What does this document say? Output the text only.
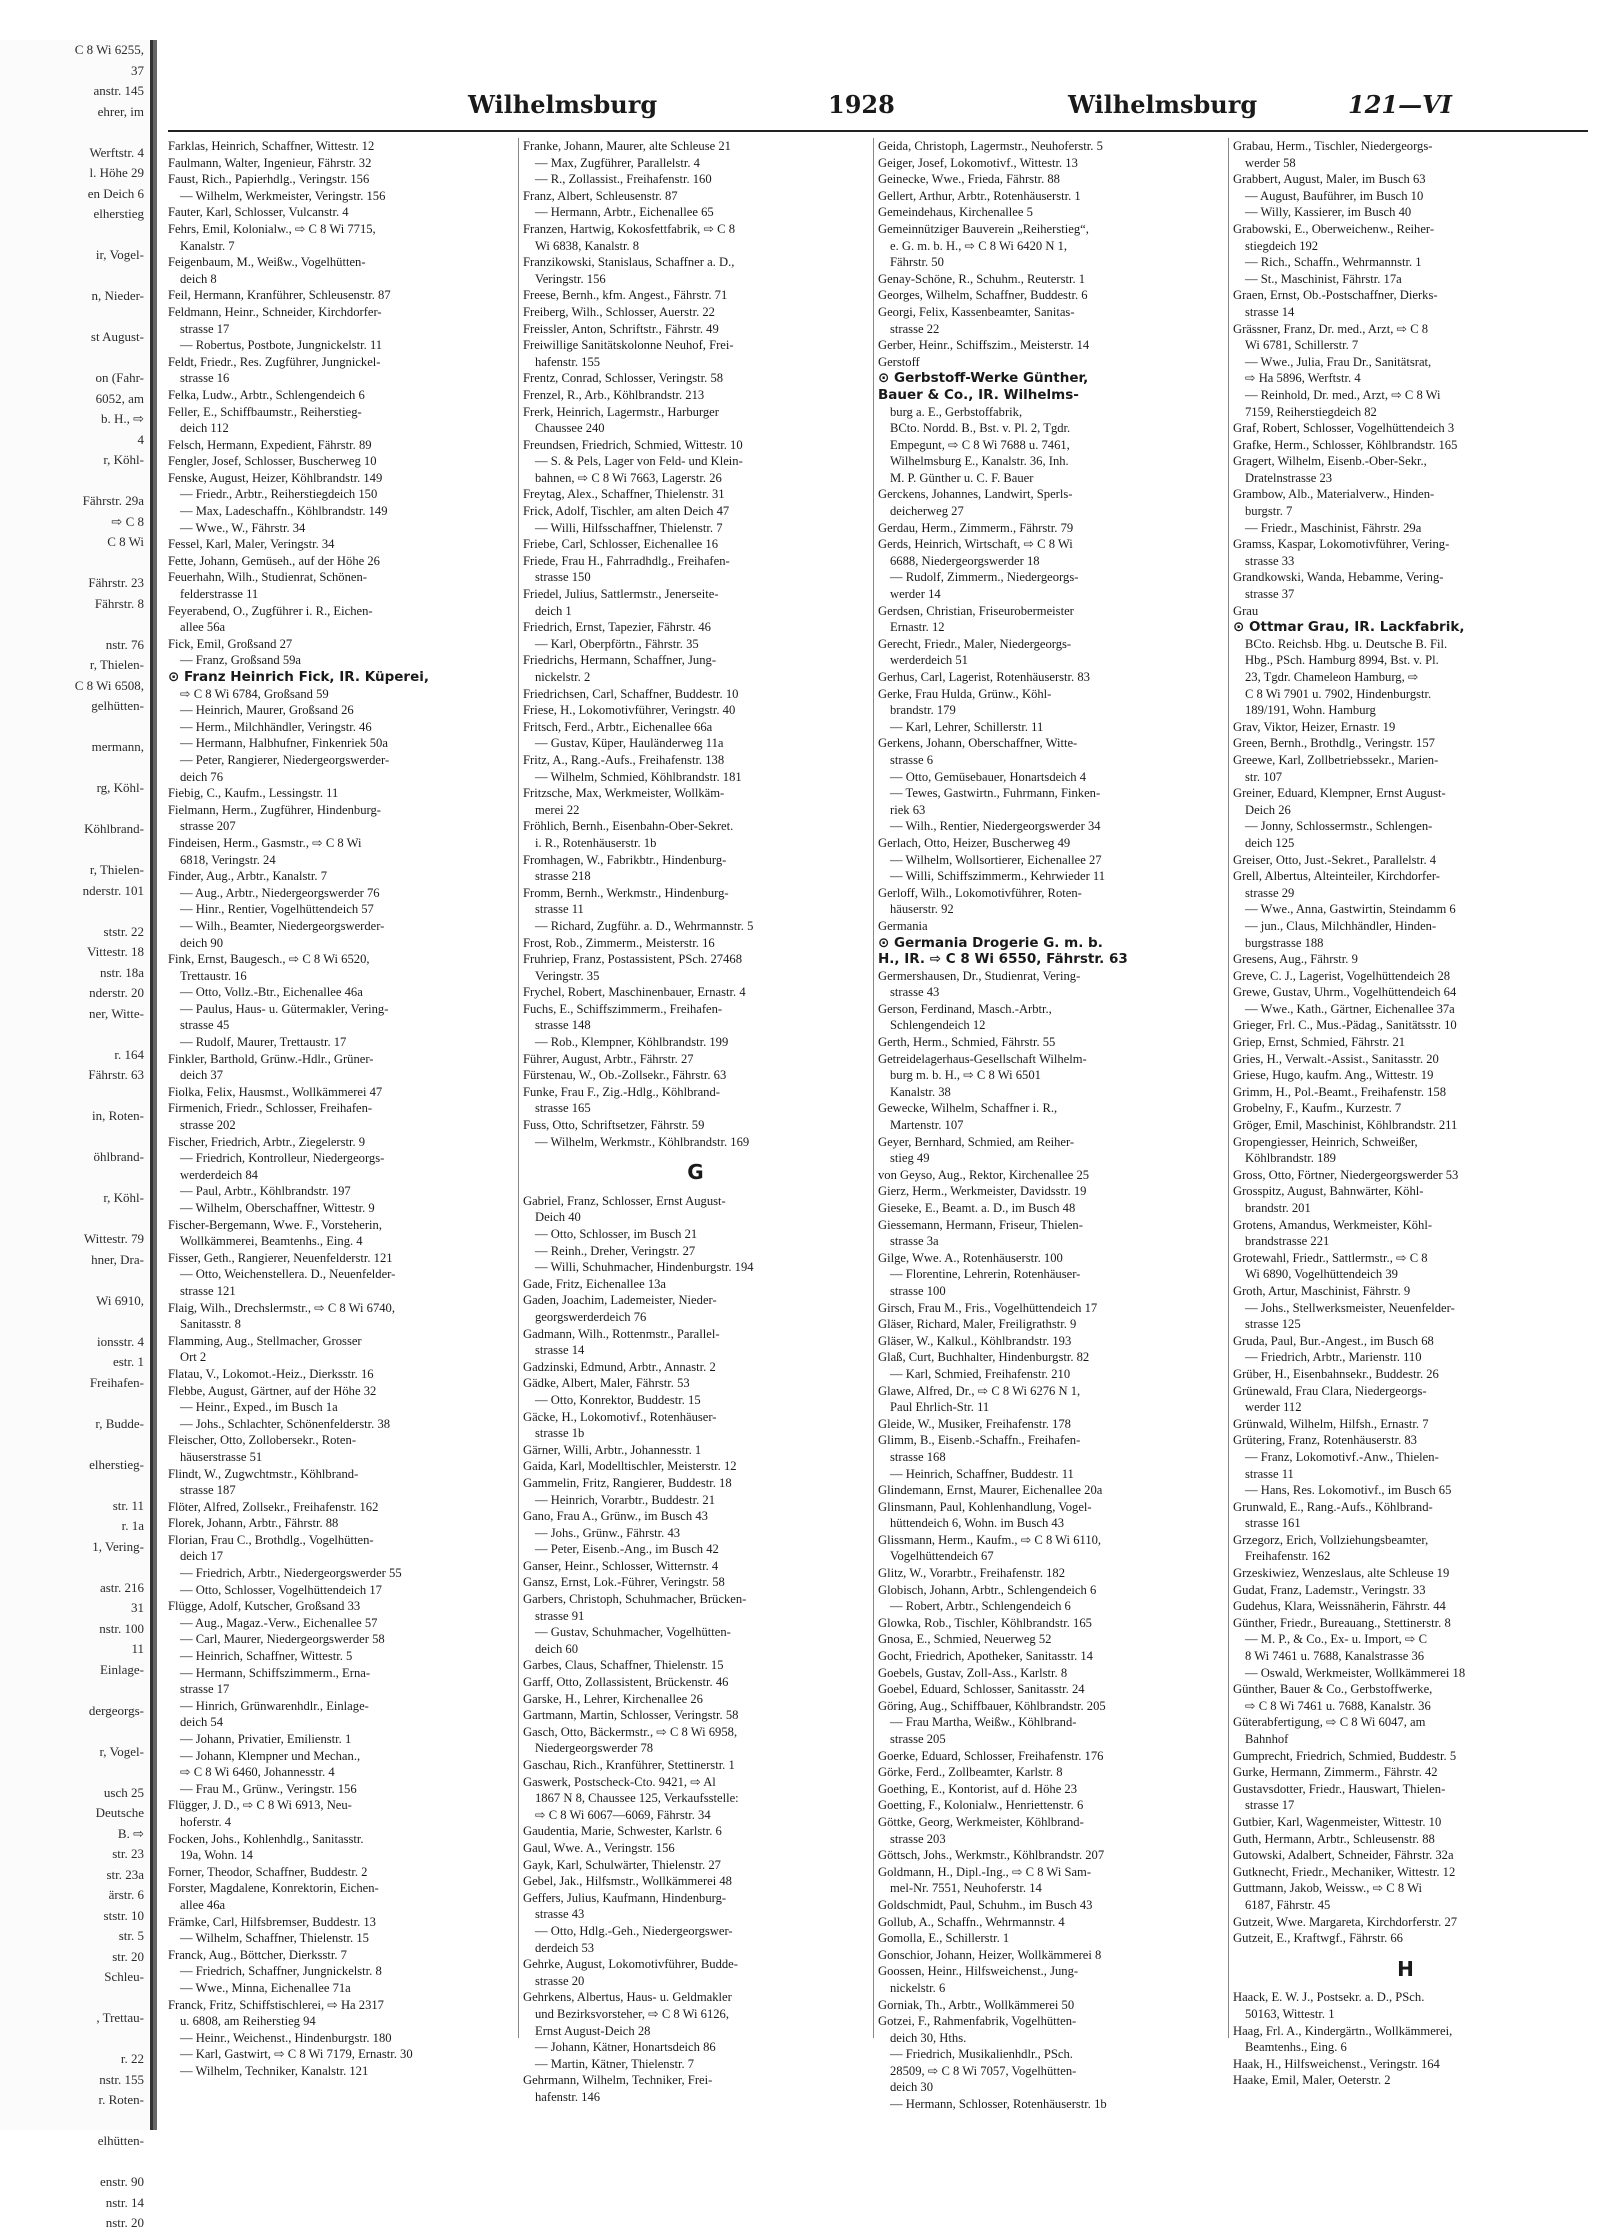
C 8 Wi 6255,
37
anstr. 145
ehrer, im

Werftstr. 4
l. Höhe 29
en Deich 6
elherstieg

ir, Vogel-

n, Nieder-

st August-

on (Fahr-
6052, am
b. H., ⇨
4
r, Köhl-

Fährstr. 29a
⇨ C 8
C 8 Wi

Fährstr. 23
Fährstr. 8

nstr. 76
r, Thielen-
C 8 Wi 6508,
gelhütten-

mermann,

rg, Köhl-

Köhlbrand-

r, Thielen-
nderstr. 101

ststr. 22
Vittestr. 18
nstr. 18a
nderstr. 20
ner, Witte-

r. 164
Fährstr. 63

in, Roten-

öhlbrand-

r, Köhl-

Wittestr. 79
hner, Dra-

Wi 6910,

ionsstr. 4
estr. 1
Freihafen-

r, Budde-

elherstieg-

str. 11
r. 1a
1, Vering-

astr. 216
31
nstr. 100
11
Einlage-

dergeorgs-

r, Vogel-

usch 25
Deutsche
B. ⇨
str. 23
str. 23a
ärstr. 6
ststr. 10
str. 5
str. 20
Schleu-

, Trettau-

r. 22
nstr. 155
r. Roten-

elhütten-

enstr. 90
nstr. 14
nstr. 20
Wilhelmsburg	1928	Wilhelmsburg	121—VI
Farklas, Heinrich, Schaffner, Wittestr. 12
Faulmann, Walter, Ingenieur, Fährstr. 32
Faust, Rich., Papierhdlg., Veringstr. 156
— Wilhelm, Werkmeister, Veringstr. 156
Fauter, Karl, Schlosser, Vulcanstr. 4
Fehrs, Emil, Kolonialw., ⇨ C 8 Wi 7715,
Kanalstr. 7
Feigenbaum, M., Weißw., Vogelhütten-
deich 8
Feil, Hermann, Kranführer, Schleusenstr. 87
Feldmann, Heinr., Schneider, Kirchdorfer-
strasse 17
— Robertus, Postbote, Jungnickelstr. 11
Feldt, Friedr., Res. Zugführer, Jungnickel-
strasse 16
Felka, Ludw., Arbtr., Schlengendeich 6
Feller, E., Schiffbaumstr., Reiherstieg-
deich 112
Felsch, Hermann, Expedient, Fährstr. 89
Fengler, Josef, Schlosser, Buscherweg 10
Fenske, August, Heizer, Köhlbrandstr. 149
— Friedr., Arbtr., Reiherstiegdeich 150
— Max, Ladeschaffn., Köhlbrandstr. 149
— Wwe., W., Fährstr. 34
Fessel, Karl, Maler, Veringstr. 34
Fette, Johann, Gemüseh., auf der Höhe 26
Feuerhahn, Wilh., Studienrat, Schönen-
felderstrasse 11
Feyerabend, O., Zugführer i. R., Eichen-
allee 56a
Fick, Emil, Großsand 27
— Franz, Großsand 59a
⊙ Franz Heinrich Fick, IR. Küperei,
⇨ C 8 Wi 6784, Großsand 59
— Heinrich, Maurer, Großsand 26
— Herm., Milchhändler, Veringstr. 46
— Hermann, Halbhufner, Finkenriek 50a
— Peter, Rangierer, Niedergeorgswerder-
deich 76
Fiebig, C., Kaufm., Lessingstr. 11
Fielmann, Herm., Zugführer, Hindenburg-
strasse 207
Findeisen, Herm., Gasmstr., ⇨ C 8 Wi
6818, Veringstr. 24
Finder, Aug., Arbtr., Kanalstr. 7
— Aug., Arbtr., Niedergeorgswerder 76
— Hinr., Rentier, Vogelhüttendeich 57
— Wilh., Beamter, Niedergeorgswerder-
deich 90
Fink, Ernst, Baugesch., ⇨ C 8 Wi 6520,
Trettaustr. 16
— Otto, Vollz.-Btr., Eichenallee 46a
— Paulus, Haus- u. Gütermakler, Vering-
strasse 45
— Rudolf, Maurer, Trettaustr. 17
Finkler, Barthold, Grünw.-Hdlr., Grüner-
deich 37
Fiolka, Felix, Hausmst., Wollkämmerei 47
Firmenich, Friedr., Schlosser, Freihafen-
strasse 202
Fischer, Friedrich, Arbtr., Ziegelerstr. 9
— Friedrich, Kontrolleur, Niedergeorgs-
werderdeich 84
— Paul, Arbtr., Köhlbrandstr. 197
— Wilhelm, Oberschaffner, Wittestr. 9
Fischer-Bergemann, Wwe. F., Vorsteherin,
Wollkämmerei, Beamtenhs., Eing. 4
Fisser, Geth., Rangierer, Neuenfelderstr. 121
— Otto, Weichenstellera. D., Neuenfelder-
strasse 121
Flaig, Wilh., Drechslermstr., ⇨ C 8 Wi 6740,
Sanitasstr. 8
Flamming, Aug., Stellmacher, Grosser
Ort 2
Flatau, V., Lokomot.-Heiz., Dierksstr. 16
Flebbe, August, Gärtner, auf der Höhe 32
— Heinr., Exped., im Busch 1a
— Johs., Schlachter, Schönenfelderstr. 38
Fleischer, Otto, Zollobersekr., Roten-
häuserstrasse 51
Flindt, W., Zugwchtmstr., Köhlbrand-
strasse 187
Flöter, Alfred, Zollsekr., Freihafenstr. 162
Florek, Johann, Arbtr., Fährstr. 88
Florian, Frau C., Brothdlg., Vogelhütten-
deich 17
— Friedrich, Arbtr., Niedergeorgswerder 55
— Otto, Schlosser, Vogelhüttendeich 17
Flügge, Adolf, Kutscher, Großsand 33
— Aug., Magaz.-Verw., Eichenallee 57
— Carl, Maurer, Niedergeorgswerder 58
— Heinrich, Schaffner, Wittestr. 5
— Hermann, Schiffszimmerm., Erna-
strasse 17
— Hinrich, Grünwarenhdlr., Einlage-
deich 54
— Johann, Privatier, Emilienstr. 1
— Johann, Klempner und Mechan.,
⇨ C 8 Wi 6460, Johannesstr. 4
— Frau M., Grünw., Veringstr. 156
Flügger, J. D., ⇨ C 8 Wi 6913, Neu-
hoferstr. 4
Focken, Johs., Kohlenhdlg., Sanitasstr.
19a, Wohn. 14
Forner, Theodor, Schaffner, Buddestr. 2
Forster, Magdalene, Konrektorin, Eichen-
allee 46a
Främke, Carl, Hilfsbremser, Buddestr. 13
— Wilhelm, Schaffner, Thielenstr. 15
Franck, Aug., Böttcher, Dierksstr. 7
— Friedrich, Schaffner, Jungnickelstr. 8
— Wwe., Minna, Eichenallee 71a
Franck, Fritz, Schiffstischlerei, ⇨ Ha 2317
u. 6808, am Reiherstieg 94
— Heinr., Weichenst., Hindenburgstr. 180
— Karl, Gastwirt, ⇨ C 8 Wi 7179, Ernastr. 30
— Wilhelm, Techniker, Kanalstr. 121
Franke, Johann, Maurer, alte Schleuse 21
— Max, Zugführer, Parallelstr. 4
— R., Zollassist., Freihafenstr. 160
Franz, Albert, Schleusenstr. 87
— Hermann, Arbtr., Eichenallee 65
Franzen, Hartwig, Kokosfettfabrik, ⇨ C 8
Wi 6838, Kanalstr. 8
Franzikowski, Stanislaus, Schaffner a. D.,
Veringstr. 156
Freese, Bernh., kfm. Angest., Fährstr. 71
Freiberg, Wilh., Schlosser, Auerstr. 22
Freissler, Anton, Schriftstr., Fährstr. 49
Freiwillige Sanitätskolonne Neuhof, Frei-
hafenstr. 155
Frentz, Conrad, Schlosser, Veringstr. 58
Frenzel, R., Arb., Köhlbrandstr. 213
Frerk, Heinrich, Lagermstr., Harburger
Chaussee 240
Freundsen, Friedrich, Schmied, Wittestr. 10
— S. & Pels, Lager von Feld- und Klein-
bahnen, ⇨ C 8 Wi 7663, Lagerstr. 26
Freytag, Alex., Schaffner, Thielenstr. 31
Frick, Adolf, Tischler, am alten Deich 47
— Willi, Hilfsschaffner, Thielenstr. 7
Friebe, Carl, Schlosser, Eichenallee 16
Friede, Frau H., Fahrradhdlg., Freihafen-
strasse 150
Friedel, Julius, Sattlermstr., Jenerseite-
deich 1
Friedrich, Ernst, Tapezier, Fährstr. 46
— Karl, Oberpförtn., Fährstr. 35
Friedrichs, Hermann, Schaffner, Jung-
nickelstr. 2
Friedrichsen, Carl, Schaffner, Buddestr. 10
Friese, H., Lokomotivführer, Veringstr. 40
Fritsch, Ferd., Arbtr., Eichenallee 66a
— Gustav, Küper, Hauländerweg 11a
Fritz, A., Rang.-Aufs., Freihafenstr. 138
— Wilhelm, Schmied, Köhlbrandstr. 181
Fritzsche, Max, Werkmeister, Wollkäm-
merei 22
Fröhlich, Bernh., Eisenbahn-Ober-Sekret.
i. R., Rotenhäuserstr. 1b
Fromhagen, W., Fabrikbtr., Hindenburg-
strasse 218
Fromm, Bernh., Werkmstr., Hindenburg-
strasse 11
— Richard, Zugführ. a. D., Wehrmannstr. 5
Frost, Rob., Zimmerm., Meisterstr. 16
Fruhriep, Franz, Postassistent, PSch. 27468
Veringstr. 35
Frychel, Robert, Maschinenbauer, Ernastr. 4
Fuchs, E., Schiffszimmerm., Freihafen-
strasse 148
— Rob., Klempner, Köhlbrandstr. 199
Führer, August, Arbtr., Fährstr. 27
Fürstenau, W., Ob.-Zollsekr., Fährstr. 63
Funke, Frau F., Zig.-Hdlg., Köhlbrand-
strasse 165
Fuss, Otto, Schriftsetzer, Fährstr. 59
— Wilhelm, Werkmstr., Köhlbrandstr. 169
G
Gabriel, Franz, Schlosser, Ernst August-
Deich 40
— Otto, Schlosser, im Busch 21
— Reinh., Dreher, Veringstr. 27
— Willi, Schuhmacher, Hindenburgstr. 194
Gade, Fritz, Eichenallee 13a
Gaden, Joachim, Lademeister, Nieder-
georgswerderdeich 76
Gadmann, Wilh., Rottenmstr., Parallel-
strasse 14
Gadzinski, Edmund, Arbtr., Annastr. 2
Gädke, Albert, Maler, Fährstr. 53
— Otto, Konrektor, Buddestr. 15
Gäcke, H., Lokomotivf., Rotenhäuser-
strasse 1b
Gärner, Willi, Arbtr., Johannesstr. 1
Gaida, Karl, Modelltischler, Meisterstr. 12
Gammelin, Fritz, Rangierer, Buddestr. 18
— Heinrich, Vorarbtr., Buddestr. 21
Gano, Frau A., Grünw., im Busch 43
— Johs., Grünw., Fährstr. 43
— Peter, Eisenb.-Ang., im Busch 42
Ganser, Heinr., Schlosser, Witternstr. 4
Gansz, Ernst, Lok.-Führer, Veringstr. 58
Garbers, Christoph, Schuhmacher, Brücken-
strasse 91
— Gustav, Schuhmacher, Vogelhütten-
deich 60
Garbes, Claus, Schaffner, Thielenstr. 15
Garff, Otto, Zollassistent, Brückenstr. 46
Garske, H., Lehrer, Kirchenallee 26
Gartmann, Martin, Schlosser, Veringstr. 58
Gasch, Otto, Bäckermstr., ⇨ C 8 Wi 6958,
Niedergeorgswerder 78
Gaschau, Rich., Kranführer, Stettinerstr. 1
Gaswerk, Postscheck-Cto. 9421, ⇨ Al
1867 N 8, Chaussee 125, Verkaufsstelle:
⇨ C 8 Wi 6067—6069, Fährstr. 34
Gaudentia, Marie, Schwester, Karlstr. 6
Gaul, Wwe. A., Veringstr. 156
Gayk, Karl, Schulwärter, Thielenstr. 27
Gebel, Jak., Hilfsmstr., Wollkämmerei 48
Geffers, Julius, Kaufmann, Hindenburg-
strasse 43
— Otto, Hdlg.-Geh., Niedergeorgswer-
derdeich 53
Gehrke, August, Lokomotivführer, Budde-
strasse 20
Gehrkens, Albertus, Haus- u. Geldmakler
und Bezirksvorsteher, ⇨ C 8 Wi 6126,
Ernst August-Deich 28
— Johann, Kätner, Honartsdeich 86
— Martin, Kätner, Thielenstr. 7
Gehrmann, Wilhelm, Techniker, Frei-
hafenstr. 146
Geida, Christoph, Lagermstr., Neuhoferstr. 5
Geiger, Josef, Lokomotivf., Wittestr. 13
Geinecke, Wwe., Frieda, Fährstr. 88
Gellert, Arthur, Arbtr., Rotenhäuserstr. 1
Gemeindehaus, Kirchenallee 5
Gemeinnütziger Bauverein „Reiherstieg“,
e. G. m. b. H., ⇨ C 8 Wi 6420 N 1,
Fährstr. 50
Genay-Schöne, R., Schuhm., Reuterstr. 1
Georges, Wilhelm, Schaffner, Buddestr. 6
Georgi, Felix, Kassenbeamter, Sanitas-
strasse 22
Gerber, Heinr., Schiffszim., Meisterstr. 14
Gerstoff
⊙ Gerbstoff-Werke Günther,
Bauer & Co., IR. Wilhelms-
burg a. E., Gerbstoffabrik,
BCto. Nordd. B., Bst. v. Pl. 2, Tgdr.
Empegunt, ⇨ C 8 Wi 7688 u. 7461,
Wilhelmsburg E., Kanalstr. 36, Inh.
M. P. Günther u. C. F. Bauer
Gerckens, Johannes, Landwirt, Sperls-
deicherweg 27
Gerdau, Herm., Zimmerm., Fährstr. 79
Gerds, Heinrich, Wirtschaft, ⇨ C 8 Wi
6688, Niedergeorgswerder 18
— Rudolf, Zimmerm., Niedergeorgs-
werder 14
Gerdsen, Christian, Friseurobermeister
Ernastr. 12
Gerecht, Friedr., Maler, Niedergeorgs-
werderdeich 51
Gerhus, Carl, Lagerist, Rotenhäuserstr. 83
Gerke, Frau Hulda, Grünw., Köhl-
brandstr. 179
— Karl, Lehrer, Schillerstr. 11
Gerkens, Johann, Oberschaffner, Witte-
strasse 6
— Otto, Gemüsebauer, Honartsdeich 4
— Tewes, Gastwirtn., Fuhrmann, Finken-
riek 63
— Wilh., Rentier, Niedergeorgswerder 34
Gerlach, Otto, Heizer, Buscherweg 49
— Wilhelm, Wollsortierer, Eichenallee 27
— Willi, Schiffszimmerm., Kehrwieder 11
Gerloff, Wilh., Lokomotivführer, Roten-
häuserstr. 92
Germania
⊙ Germania Drogerie G. m. b.
H., IR. ⇨ C 8 Wi 6550, Fährstr. 63
Germershausen, Dr., Studienrat, Vering-
strasse 43
Gerson, Ferdinand, Masch.-Arbtr.,
Schlengendeich 12
Gerth, Herm., Schmied, Fährstr. 55
Getreidelagerhaus-Gesellschaft Wilhelm-
burg m. b. H., ⇨ C 8 Wi 6501
Kanalstr. 38
Gewecke, Wilhelm, Schaffner i. R.,
Martenstr. 107
Geyer, Bernhard, Schmied, am Reiher-
stieg 49
von Geyso, Aug., Rektor, Kirchenallee 25
Gierz, Herm., Werkmeister, Davidsstr. 19
Gieseke, E., Beamt. a. D., im Busch 48
Giessemann, Hermann, Friseur, Thielen-
strasse 3a
Gilge, Wwe. A., Rotenhäuserstr. 100
— Florentine, Lehrerin, Rotenhäuser-
strasse 100
Girsch, Frau M., Fris., Vogelhüttendeich 17
Gläser, Richard, Maler, Freiligrathstr. 9
Gläser, W., Kalkul., Köhlbrandstr. 193
Glaß, Curt, Buchhalter, Hindenburgstr. 82
— Karl, Schmied, Freihafenstr. 210
Glawe, Alfred, Dr., ⇨ C 8 Wi 6276 N 1,
Paul Ehrlich-Str. 11
Gleide, W., Musiker, Freihafenstr. 178
Glimm, B., Eisenb.-Schaffn., Freihafen-
strasse 168
— Heinrich, Schaffner, Buddestr. 11
Glindemann, Ernst, Maurer, Eichenallee 20a
Glinsmann, Paul, Kohlenhandlung, Vogel-
hüttendeich 6, Wohn. im Busch 43
Glissmann, Herm., Kaufm., ⇨ C 8 Wi 6110,
Vogelhüttendeich 67
Glitz, W., Vorarbtr., Freihafenstr. 182
Globisch, Johann, Arbtr., Schlengendeich 6
— Robert, Arbtr., Schlengendeich 6
Glowka, Rob., Tischler, Köhlbrandstr. 165
Gnosa, E., Schmied, Neuerweg 52
Gocht, Friedrich, Apotheker, Sanitasstr. 14
Goebels, Gustav, Zoll-Ass., Karlstr. 8
Goebel, Eduard, Schlosser, Sanitasstr. 24
Göring, Aug., Schiffbauer, Köhlbrandstr. 205
— Frau Martha, Weißw., Köhlbrand-
strasse 205
Goerke, Eduard, Schlosser, Freihafenstr. 176
Görke, Ferd., Zollbeamter, Karlstr. 8
Goething, E., Kontorist, auf d. Höhe 23
Goetting, F., Kolonialw., Henriettenstr. 6
Göttke, Georg, Werkmeister, Köhlbrand-
strasse 203
Göttsch, Johs., Werkmstr., Köhlbrandstr. 207
Goldmann, H., Dipl.-Ing., ⇨ C 8 Wi Sam-
mel-Nr. 7551, Neuhoferstr. 14
Goldschmidt, Paul, Schuhm., im Busch 43
Gollub, A., Schaffn., Wehrmannstr. 4
Gomolla, E., Schillerstr. 1
Gonschior, Johann, Heizer, Wollkämmerei 8
Goossen, Heinr., Hilfsweichenst., Jung-
nickelstr. 6
Gorniak, Th., Arbtr., Wollkämmerei 50
Gotzei, F., Rahmenfabrik, Vogelhütten-
deich 30, Hths.
— Friedrich, Musikalienhdlr., PSch.
28509, ⇨ C 8 Wi 7057, Vogelhütten-
deich 30
— Hermann, Schlosser, Rotenhäuserstr. 1b
Grabau, Herm., Tischler, Niedergeorgs-
werder 58
Grabbert, August, Maler, im Busch 63
— August, Bauführer, im Busch 10
— Willy, Kassierer, im Busch 40
Grabowski, E., Oberweichenw., Reiher-
stiegdeich 192
— Rich., Schaffn., Wehrmannstr. 1
— St., Maschinist, Fährstr. 17a
Graen, Ernst, Ob.-Postschaffner, Dierks-
strasse 14
Grässner, Franz, Dr. med., Arzt, ⇨ C 8
Wi 6781, Schillerstr. 7
— Wwe., Julia, Frau Dr., Sanitätsrat,
⇨ Ha 5896, Werftstr. 4
— Reinhold, Dr. med., Arzt, ⇨ C 8 Wi
7159, Reiherstiegdeich 82
Graf, Robert, Schlosser, Vogelhüttendeich 3
Grafke, Herm., Schlosser, Köhlbrandstr. 165
Gragert, Wilhelm, Eisenb.-Ober-Sekr.,
Dratelnstrasse 23
Grambow, Alb., Materialverw., Hinden-
burgstr. 7
— Friedr., Maschinist, Fährstr. 29a
Gramss, Kaspar, Lokomotivführer, Vering-
strasse 33
Grandkowski, Wanda, Hebamme, Vering-
strasse 37
Grau
⊙ Ottmar Grau, IR. Lackfabrik,
BCto. Reichsb. Hbg. u. Deutsche B. Fil.
Hbg., PSch. Hamburg 8994, Bst. v. Pl.
23, Tgdr. Chameleon Hamburg, ⇨
C 8 Wi 7901 u. 7902, Hindenburgstr.
189/191, Wohn. Hamburg
Grav, Viktor, Heizer, Ernastr. 19
Green, Bernh., Brothdlg., Veringstr. 157
Greewe, Karl, Zollbetriebssekr., Marien-
str. 107
Greiner, Eduard, Klempner, Ernst August-
Deich 26
— Jonny, Schlossermstr., Schlengen-
deich 125
Greiser, Otto, Just.-Sekret., Parallelstr. 4
Grell, Albertus, Alteinteiler, Kirchdorfer-
strasse 29
— Wwe., Anna, Gastwirtin, Steindamm 6
— jun., Claus, Milchhändler, Hinden-
burgstrasse 188
Gresens, Aug., Fährstr. 9
Greve, C. J., Lagerist, Vogelhüttendeich 28
Grewe, Gustav, Uhrm., Vogelhüttendeich 64
— Wwe., Kath., Gärtner, Eichenallee 37a
Grieger, Frl. C., Mus.-Pädag., Sanitätsstr. 10
Griep, Ernst, Schmied, Fährstr. 21
Gries, H., Verwalt.-Assist., Sanitasstr. 20
Griese, Hugo, kaufm. Ang., Wittestr. 19
Grimm, H., Pol.-Beamt., Freihafenstr. 158
Grobelny, F., Kaufm., Kurzestr. 7
Gröger, Emil, Maschinist, Köhlbrandstr. 211
Gropengiesser, Heinrich, Schweißer,
Köhlbrandstr. 189
Gross, Otto, Förtner, Niedergeorgswerder 53
Grosspitz, August, Bahnwärter, Köhl-
brandstr. 201
Grotens, Amandus, Werkmeister, Köhl-
brandstrasse 221
Grotewahl, Friedr., Sattlermstr., ⇨ C 8
Wi 6890, Vogelhüttendeich 39
Groth, Artur, Maschinist, Fährstr. 9
— Johs., Stellwerksmeister, Neuenfelder-
strasse 125
Gruda, Paul, Bur.-Angest., im Busch 68
— Friedrich, Arbtr., Marienstr. 110
Grüber, H., Eisenbahnsekr., Buddestr. 26
Grünewald, Frau Clara, Niedergeorgs-
werder 112
Grünwald, Wilhelm, Hilfsh., Ernastr. 7
Grütering, Franz, Rotenhäuserstr. 83
— Franz, Lokomotivf.-Anw., Thielen-
strasse 11
— Hans, Res. Lokomotivf., im Busch 65
Grunwald, E., Rang.-Aufs., Köhlbrand-
strasse 161
Grzegorz, Erich, Vollziehungsbeamter,
Freihafenstr. 162
Grzeskiwiez, Wenzeslaus, alte Schleuse 19
Gudat, Franz, Lademstr., Veringstr. 33
Gudehus, Klara, Weissnäherin, Fährstr. 44
Günther, Friedr., Bureauang., Stettinerstr. 8
— M. P., & Co., Ex- u. Import, ⇨ C
8 Wi 7461 u. 7688, Kanalstrasse 36
— Oswald, Werkmeister, Wollkämmerei 18
Günther, Bauer & Co., Gerbstoffwerke,
⇨ C 8 Wi 7461 u. 7688, Kanalstr. 36
Güterabfertigung, ⇨ C 8 Wi 6047, am
Bahnhof
Gumprecht, Friedrich, Schmied, Buddestr. 5
Gurke, Hermann, Zimmerm., Fährstr. 42
Gustavsdotter, Friedr., Hauswart, Thielen-
strasse 17
Gutbier, Karl, Wagenmeister, Wittestr. 10
Guth, Hermann, Arbtr., Schleusenstr. 88
Gutowski, Adalbert, Schneider, Fährstr. 32a
Gutknecht, Friedr., Mechaniker, Wittestr. 12
Guttmann, Jakob, Weissw., ⇨ C 8 Wi
6187, Fährstr. 45
Gutzeit, Wwe. Margareta, Kirchdorferstr. 27
Gutzeit, E., Kraftwgf., Fährstr. 66
H
Haack, E. W. J., Postsekr. a. D., PSch.
50163, Wittestr. 1
Haag, Frl. A., Kindergärtn., Wollkämmerei,
Beamtenhs., Eing. 6
Haak, H., Hilfsweichenst., Veringstr. 164
Haake, Emil, Maler, Oeterstr. 2
